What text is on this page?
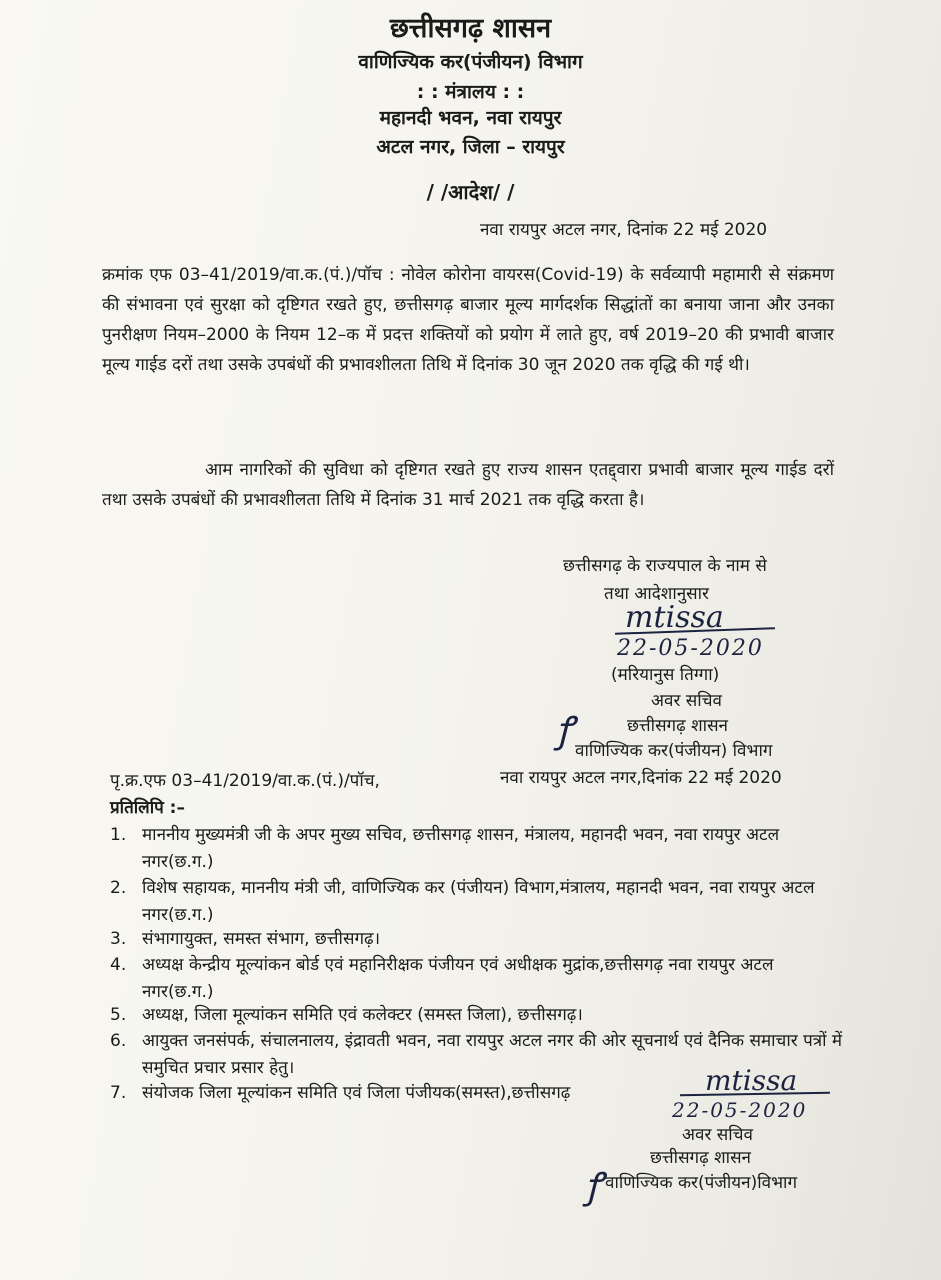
छत्तीसगढ़ शासन
वाणिज्यिक कर(पंजीयन) विभाग
: : मंत्रालय : :
महानदी भवन, नवा रायपुर
अटल नगर, जिला – रायपुर
/ /आदेश/ /
नवा रायपुर अटल नगर, दिनांक 22 मई 2020
क्रमांक एफ 03–41/2019/वा.क.(पं.)/पॉच : नोवेल कोरोना वायरस(Covid-19) के सर्वव्यापी महामारी से संक्रमण की संभावना एवं सुरक्षा को दृष्टिगत रखते हुए, छत्तीसगढ़ बाजार मूल्य मार्गदर्शक सिद्धांतों का बनाया जाना और उनका पुनरीक्षण नियम–2000 के नियम 12–क में प्रदत्त शक्तियों को प्रयोग में लाते हुए, वर्ष 2019–20 की प्रभावी बाजार मूल्य गाईड दरों तथा उसके उपबंधों की प्रभावशीलता तिथि में दिनांक 30 जून 2020 तक वृद्धि की गई थी।
आम नागरिकों की सुविधा को दृष्टिगत रखते हुए राज्य शासन एतद्द्वारा प्रभावी बाजार मूल्य गाईड दरों तथा उसके उपबंधों की प्रभावशीलता तिथि में दिनांक 31 मार्च 2021 तक वृद्धि करता है।
छत्तीसगढ़ के राज्यपाल के नाम से
तथा आदेशानुसार
mtissa
22-05-2020
(मरियानुस तिग्गा)
अवर सचिव
छत्तीसगढ़ शासन
ꝭ वाणिज्यिक कर(पंजीयन) विभाग
पृ.क्र.एफ 03–41/2019/वा.क.(पं.)/पॉच,	नवा रायपुर अटल नगर,दिनांक 22 मई 2020
प्रतिलिपि :–
1. माननीय मुख्यमंत्री जी के अपर मुख्य सचिव, छत्तीसगढ़ शासन, मंत्रालय, महानदी भवन, नवा रायपुर अटल नगर(छ.ग.)
2. विशेष सहायक, माननीय मंत्री जी, वाणिज्यिक कर (पंजीयन) विभाग,मंत्रालय, महानदी भवन, नवा रायपुर अटल नगर(छ.ग.)
3. संभागायुक्त, समस्त संभाग, छत्तीसगढ़।
4. अध्यक्ष केन्द्रीय मूल्यांकन बोर्ड एवं महानिरीक्षक पंजीयन एवं अधीक्षक मुद्रांक,छत्तीसगढ़ नवा रायपुर अटल नगर(छ.ग.)
5. अध्यक्ष, जिला मूल्यांकन समिति एवं कलेक्टर (समस्त जिला), छत्तीसगढ़।
6. आयुक्त जनसंपर्क, संचालनालय, इंद्रावती भवन, नवा रायपुर अटल नगर की ओर सूचनार्थ एवं दैनिक समाचार पत्रों में समुचित प्रचार प्रसार हेतु।
7. संयोजक जिला मूल्यांकन समिति एवं जिला पंजीयक(समस्त),छत्तीसगढ़	mtissa
22-05-2020
अवर सचिव
छत्तीसगढ़ शासन
ꝭ वाणिज्यिक कर(पंजीयन)विभाग
